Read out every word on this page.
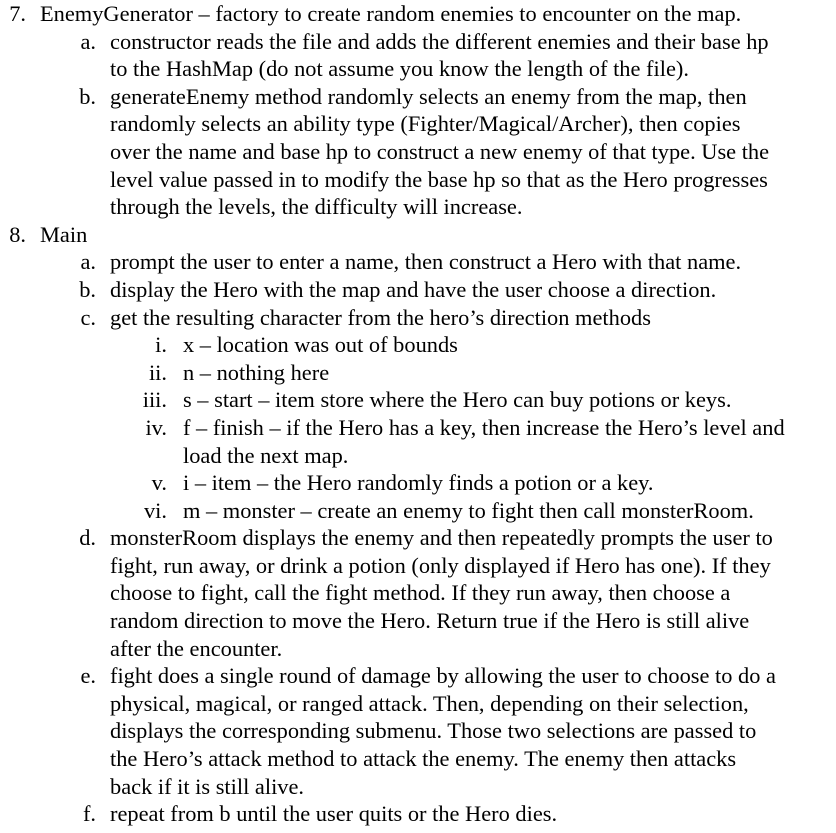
7. EnemyGenerator – factory to create random enemies to encounter on the map.
a. constructor reads the file and adds the different enemies and their base hp
to the HashMap (do not assume you know the length of the file).
b. generateEnemy method randomly selects an enemy from the map, then
randomly selects an ability type (Fighter/Magical/Archer), then copies
over the name and base hp to construct a new enemy of that type. Use the
level value passed in to modify the base hp so that as the Hero progresses
through the levels, the difficulty will increase.
8. Main
a. prompt the user to enter a name, then construct a Hero with that name.
b. display the Hero with the map and have the user choose a direction.
c. get the resulting character from the hero’s direction methods
i. x – location was out of bounds
ii. n – nothing here
iii. s – start – item store where the Hero can buy potions or keys.
iv. f – finish – if the Hero has a key, then increase the Hero’s level and
load the next map.
v. i – item – the Hero randomly finds a potion or a key.
vi. m – monster – create an enemy to fight then call monsterRoom.
d. monsterRoom displays the enemy and then repeatedly prompts the user to
fight, run away, or drink a potion (only displayed if Hero has one). If they
choose to fight, call the fight method. If they run away, then choose a
random direction to move the Hero. Return true if the Hero is still alive
after the encounter.
e. fight does a single round of damage by allowing the user to choose to do a
physical, magical, or ranged attack. Then, depending on their selection,
displays the corresponding submenu. Those two selections are passed to
the Hero’s attack method to attack the enemy. The enemy then attacks
back if it is still alive.
f. repeat from b until the user quits or the Hero dies.
